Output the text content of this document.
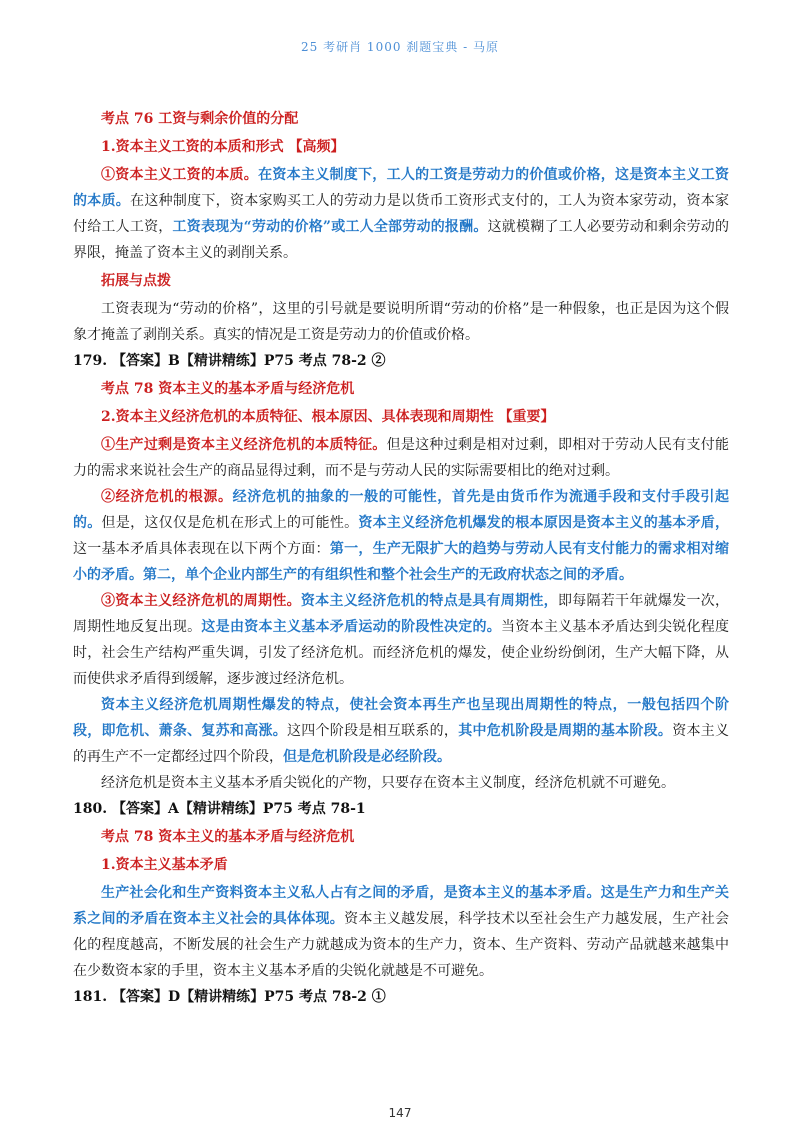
25 考研肖 1000 刹题宝典 - 马原

考点 76 工资与剩余价值的分配

1.资本主义工资的本质和形式 【高频】

①资本主义工资的本质。在资本主义制度下，工人的工资是劳动力的价值或价格，这是资本主义工资的本质。在这种制度下，资本家购买工人的劳动力是以货币工资形式支付的，工人为资本家劳动，资本家付给工人工资，工资表现为“劳动的价格”或工人全部劳动的报酬。这就模糊了工人必要劳动和剩余劳动的界限，掩盖了资本主义的剥削关系。

拓展与点拨

工资表现为“劳动的价格”，这里的引号就是要说明所谓“劳动的价格”是一种假象，也正是因为这个假象才掩盖了剥削关系。真实的情况是工资是劳动力的价值或价格。

179. 【答案】B【精讲精练】P75 考点 78-2 ②

考点 78 资本主义的基本矛盾与经济危机

2.资本主义经济危机的本质特征、根本原因、具体表现和周期性 【重要】

①生产过剩是资本主义经济危机的本质特征。但是这种过剩是相对过剩，即相对于劳动人民有支付能力的需求来说社会生产的商品显得过剩，而不是与劳动人民的实际需要相比的绝对过剩。

②经济危机的根源。经济危机的抽象的一般的可能性，首先是由货币作为流通手段和支付手段引起的。但是，这仅仅是危机在形式上的可能性。资本主义经济危机爆发的根本原因是资本主义的基本矛盾，这一基本矛盾具体表现在以下两个方面：第一，生产无限扩大的趋势与劳动人民有支付能力的需求相对缩小的矛盾。第二，单个企业内部生产的有组织性和整个社会生产的无政府状态之间的矛盾。

③资本主义经济危机的周期性。资本主义经济危机的特点是具有周期性，即每隔若干年就爆发一次，周期性地反复出现。这是由资本主义基本矛盾运动的阶段性决定的。当资本主义基本矛盾达到尖锐化程度时，社会生产结构严重失调，引发了经济危机。而经济危机的爆发，使企业纷纷倒闭，生产大幅下降，从而使供求矛盾得到缓解，逐步渡过经济危机。

资本主义经济危机周期性爆发的特点，使社会资本再生产也呈现出周期性的特点，一般包括四个阶段，即危机、萧条、复苏和高涨。这四个阶段是相互联系的，其中危机阶段是周期的基本阶段。资本主义的再生产不一定都经过四个阶段，但是危机阶段是必经阶段。

经济危机是资本主义基本矛盾尖锐化的产物，只要存在资本主义制度，经济危机就不可避免。

180. 【答案】A【精讲精练】P75 考点 78-1

考点 78 资本主义的基本矛盾与经济危机

1.资本主义基本矛盾

生产社会化和生产资料资本主义私人占有之间的矛盾，是资本主义的基本矛盾。这是生产力和生产关系之间的矛盾在资本主义社会的具体体现。资本主义越发展，科学技术以至社会生产力越发展，生产社会化的程度越高，不断发展的社会生产力就越成为资本的生产力，资本、生产资料、劳动产品就越来越集中在少数资本家的手里，资本主义基本矛盾的尖锐化就越是不可避免。

181. 【答案】D【精讲精练】P75 考点 78-2 ①

147
